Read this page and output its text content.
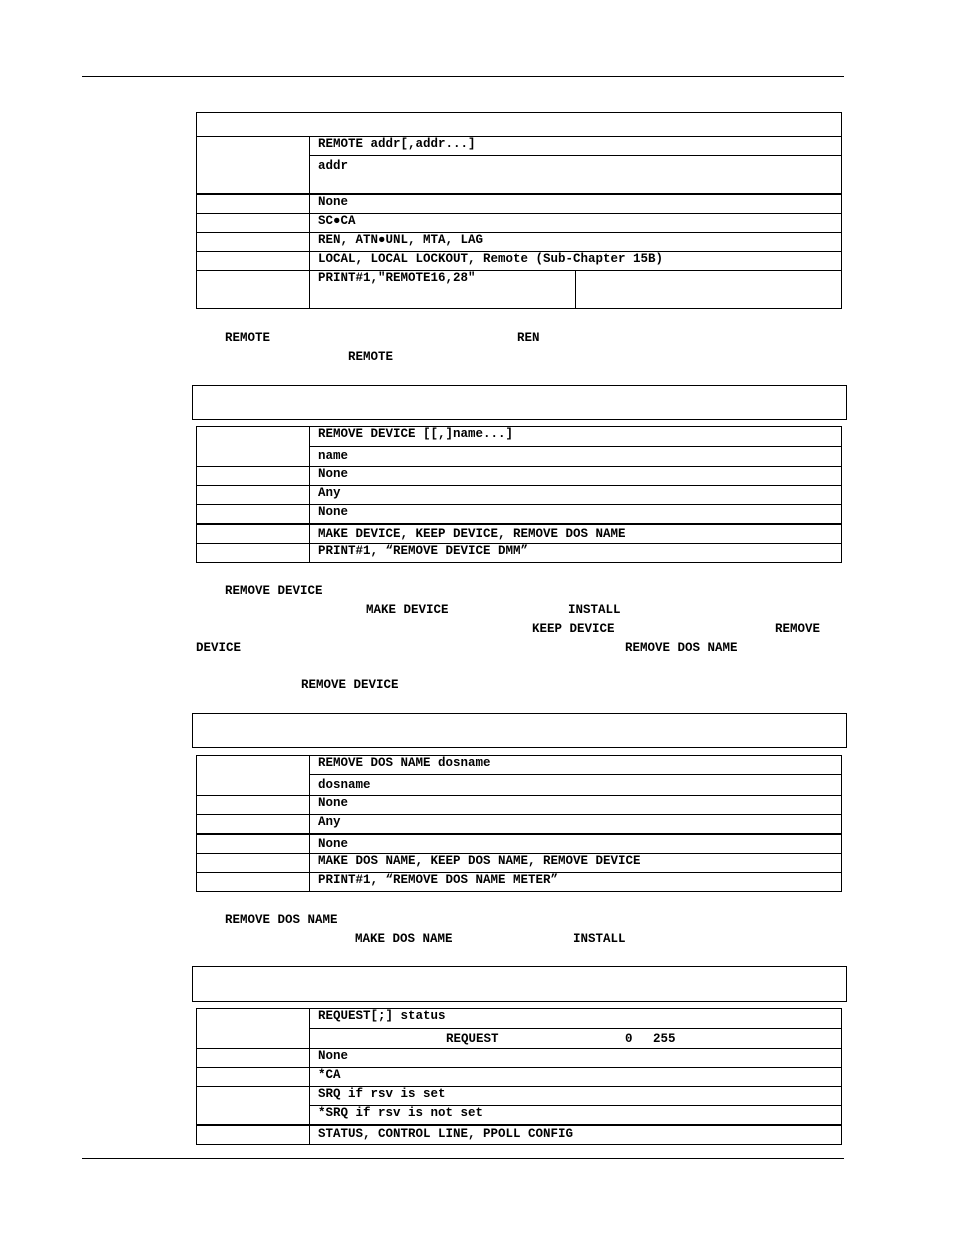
	REMOTE addr[,addr...]	
	addr	
	None	
	SC●CA	
	REN, ATN●UNL, MTA, LAG	
	LOCAL, LOCAL LOCKOUT, Remote (Sub-Chapter 15B)	
	PRINT#1,"REMOTE16,28"	
REMOTE	REN
REMOTE
	REMOVE DEVICE [[,]name...]
	name
	None
	Any
	None
	MAKE DEVICE, KEEP DEVICE, REMOVE DOS NAME
	PRINT#1, “REMOVE DEVICE DMM”
REMOVE DEVICE
MAKE DEVICE	INSTALL
KEEP DEVICE	REMOVE
DEVICE	REMOVE DOS NAME
REMOVE DEVICE
	REMOVE DOS NAME dosname
	dosname
	None
	Any
	None
	MAKE DOS NAME, KEEP DOS NAME, REMOVE DEVICE
	PRINT#1, “REMOVE DOS NAME METER”
REMOVE DOS NAME
MAKE DOS NAME	INSTALL
	REQUEST[;] status

	REQUEST 0 255

	None
	*CA
	SRQ if rsv is set
	*SRQ if rsv is not set
	STATUS, CONTROL LINE, PPOLL CONFIG
